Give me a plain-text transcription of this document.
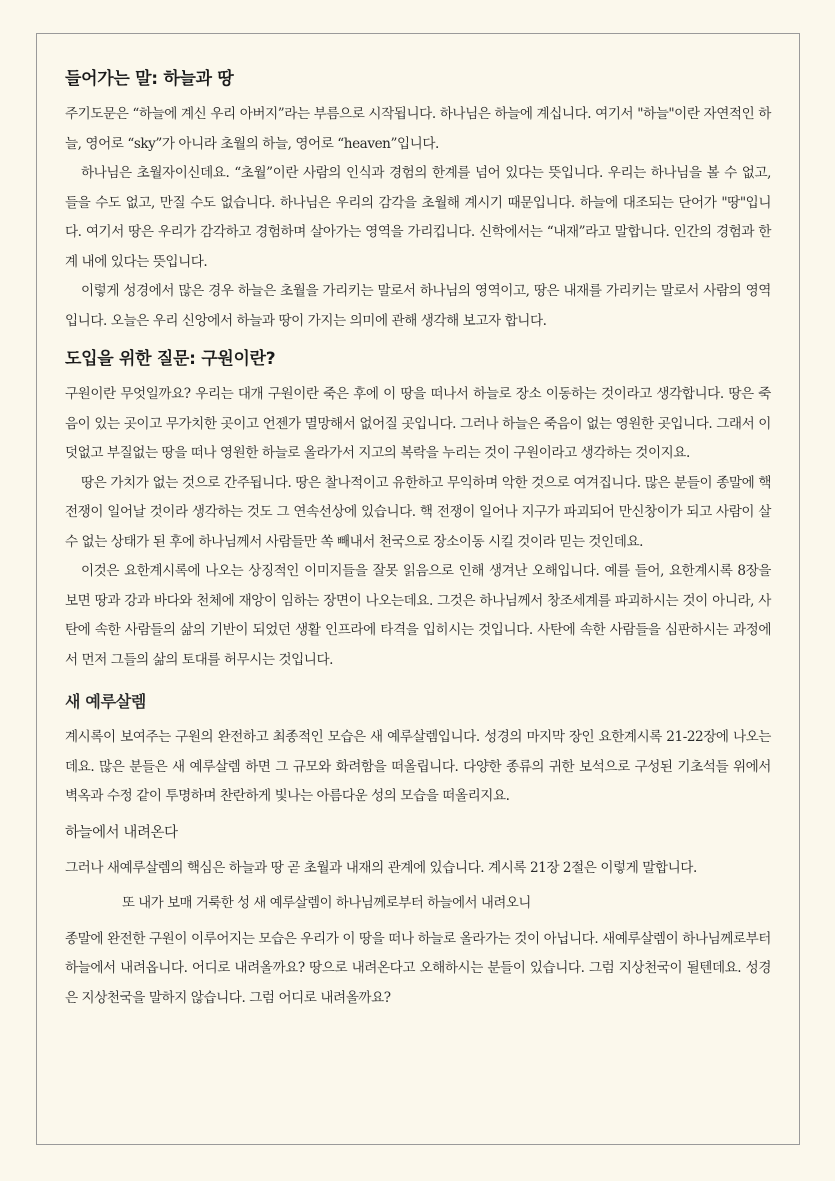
들어가는 말: 하늘과 땅

주기도문은 “하늘에 계신 우리 아버지”라는 부름으로 시작됩니다. 하나님은 하늘에 계십니다. 여기서 "하늘"이란 자연적인 하늘, 영어로 “sky”가 아니라 초월의 하늘, 영어로 “heaven”입니다.

하나님은 초월자이신데요. “초월”이란 사람의 인식과 경험의 한계를 넘어 있다는 뜻입니다. 우리는 하나님을 볼 수 없고, 들을 수도 없고, 만질 수도 없습니다. 하나님은 우리의 감각을 초월해 계시기 때문입니다. 하늘에 대조되는 단어가 "땅"입니다. 여기서 땅은 우리가 감각하고 경험하며 살아가는 영역을 가리킵니다. 신학에서는 “내재”라고 말합니다. 인간의 경험과 한계 내에 있다는 뜻입니다.

이렇게 성경에서 많은 경우 하늘은 초월을 가리키는 말로서 하나님의 영역이고, 땅은 내재를 가리키는 말로서 사람의 영역입니다. 오늘은 우리 신앙에서 하늘과 땅이 가지는 의미에 관해 생각해 보고자 합니다.

도입을 위한 질문: 구원이란?

구원이란 무엇일까요? 우리는 대개 구원이란 죽은 후에 이 땅을 떠나서 하늘로 장소 이동하는 것이라고 생각합니다. 땅은 죽음이 있는 곳이고 무가치한 곳이고 언젠가 멸망해서 없어질 곳입니다. 그러나 하늘은 죽음이 없는 영원한 곳입니다. 그래서 이 덧없고 부질없는 땅을 떠나 영원한 하늘로 올라가서 지고의 복락을 누리는 것이 구원이라고 생각하는 것이지요.

땅은 가치가 없는 것으로 간주됩니다. 땅은 찰나적이고 유한하고 무익하며 악한 것으로 여겨집니다. 많은 분들이 종말에 핵 전쟁이 일어날 것이라 생각하는 것도 그 연속선상에 있습니다. 핵 전쟁이 일어나 지구가 파괴되어 만신창이가 되고 사람이 살 수 없는 상태가 된 후에 하나님께서 사람들만 쏙 빼내서 천국으로 장소이동 시킬 것이라 믿는 것인데요.

이것은 요한계시록에 나오는 상징적인 이미지들을 잘못 읽음으로 인해 생겨난 오해입니다. 예를 들어, 요한계시록 8장을 보면 땅과 강과 바다와 천체에 재앙이 임하는 장면이 나오는데요. 그것은 하나님께서 창조세계를 파괴하시는 것이 아니라, 사탄에 속한 사람들의 삶의 기반이 되었던 생활 인프라에 타격을 입히시는 것입니다. 사탄에 속한 사람들을 심판하시는 과정에서 먼저 그들의 삶의 토대를 허무시는 것입니다.

새 예루살렘

계시록이 보여주는 구원의 완전하고 최종적인 모습은 새 예루살렘입니다. 성경의 마지막 장인 요한계시록 21-22장에 나오는데요. 많은 분들은 새 예루살렘 하면 그 규모와 화려함을 떠올립니다. 다양한 종류의 귀한 보석으로 구성된 기초석들 위에서 벽옥과 수정 같이 투명하며 찬란하게 빛나는 아름다운 성의 모습을 떠올리지요.

하늘에서 내려온다

그러나 새예루살렘의 핵심은 하늘과 땅 곧 초월과 내재의 관계에 있습니다. 계시록 21장 2절은 이렇게 말합니다.

또 내가 보매 거룩한 성 새 예루살렘이 하나님께로부터 하늘에서 내려오니

종말에 완전한 구원이 이루어지는 모습은 우리가 이 땅을 떠나 하늘로 올라가는 것이 아닙니다. 새예루살렘이 하나님께로부터 하늘에서 내려옵니다. 어디로 내려올까요? 땅으로 내려온다고 오해하시는 분들이 있습니다. 그럼 지상천국이 될텐데요. 성경은 지상천국을 말하지 않습니다. 그럼 어디로 내려올까요?
